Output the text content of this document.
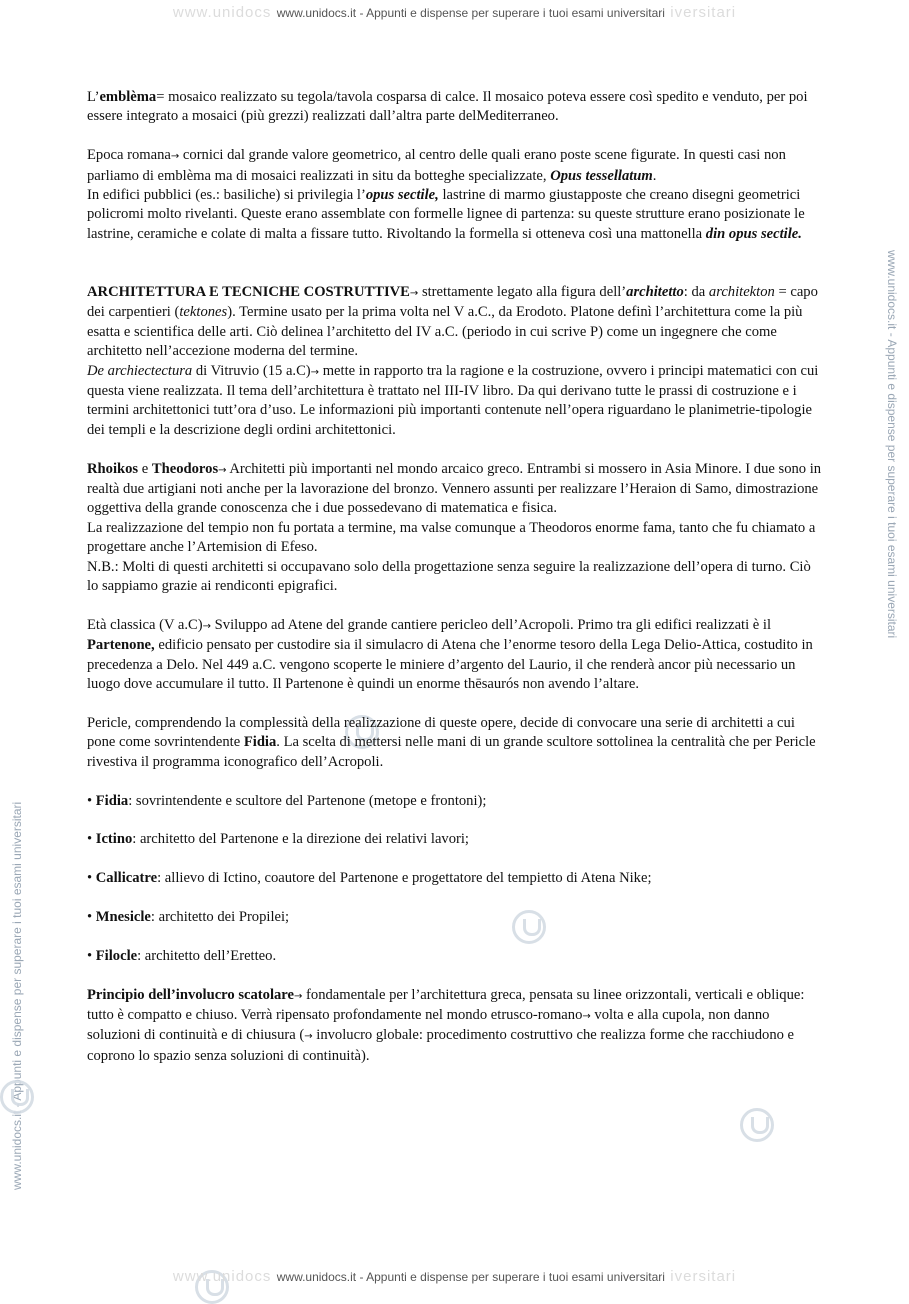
www.unidocs www.unidocs.it - Appunti e dispense per superare i tuoi esami universitari iversitari
www.unidocs.it - Appunti e dispense per superare i tuoi esami universitari
www.unidocs.it - Appunti e dispense per superare i tuoi esami universitari

L’emblèma= mosaico realizzato su tegola/tavola cosparsa di calce. Il mosaico poteva essere così spedito e venduto, per poi essere integrato a mosaici (più grezzi) realizzati dall’altra parte delMediterraneo.

Epoca romana→ cornici dal grande valore geometrico, al centro delle quali erano poste scene figurate. In questi casi non parliamo di emblèma ma di mosaici realizzati in situ da botteghe specializzate, Opus tessellatum.

In edifici pubblici (es.: basiliche) si privilegia l’opus sectile, lastrine di marmo giustapposte che creano disegni geometrici policromi molto rivelanti. Queste erano assemblate con formelle lignee di partenza: su queste strutture erano posizionate le lastrine, ceramiche e colate di malta a fissare tutto. Rivoltando la formella si otteneva così una mattonella din opus sectile.

ARCHITETTURA E TECNICHE COSTRUTTIVE→ strettamente legato alla figura dell’architetto: da architekton = capo dei carpentieri (tektones). Termine usato per la prima volta nel V a.C., da Erodoto. Platone definì l’architettura come la più esatta e scientifica delle arti. Ciò delinea l’architetto del IV a.C. (periodo in cui scrive P) come un ingegnere che come architetto nell’accezione moderna del termine.

De archiectectura di Vitruvio (15 a.C)→ mette in rapporto tra la ragione e la costruzione, ovvero i principi matematici con cui questa viene realizzata. Il tema dell’architettura è trattato nel III-IV libro. Da qui derivano tutte le prassi di costruzione e i termini architettonici tutt’ora d’uso. Le informazioni più importanti contenute nell’opera riguardano le planimetrie-tipologie dei templi e la descrizione degli ordini architettonici.

Rhoikos e Theodoros→ Architetti più importanti nel mondo arcaico greco. Entrambi si mossero in Asia Minore. I due sono in realtà due artigiani noti anche per la lavorazione del bronzo. Vennero assunti per realizzare l’Heraion di Samo, dimostrazione oggettiva della grande conoscenza che i due possedevano di matematica e fisica.

La realizzazione del tempio non fu portata a termine, ma valse comunque a Theodoros enorme fama, tanto che fu chiamato a progettare anche l’Artemision di Efeso.

N.B.: Molti di questi architetti si occupavano solo della progettazione senza seguire la realizzazione dell’opera di turno. Ciò lo sappiamo grazie ai rendiconti epigrafici.

Età classica (V a.C)→ Sviluppo ad Atene del grande cantiere pericleo dell’Acropoli. Primo tra gli edifici realizzati è il Partenone, edificio pensato per custodire sia il simulacro di Atena che l’enorme tesoro della Lega Delio-Attica, costudito in precedenza a Delo. Nel 449 a.C. vengono scoperte le miniere d’argento del Laurio, il che renderà ancor più necessario un luogo dove accumulare il tutto. Il Partenone è quindi un enorme thēsaurós non avendo l’altare.

Pericle, comprendendo la complessità della realizzazione di queste opere, decide di convocare una serie di architetti a cui pone come sovrintendente Fidia. La scelta di mettersi nelle mani di un grande scultore sottolinea la centralità che per Pericle rivestiva il programma iconografico dell’Acropoli.

• Fidia: sovrintendente e scultore del Partenone (metope e frontoni);

• Ictino: architetto del Partenone e la direzione dei relativi lavori;

• Callicatre: allievo di Ictino, coautore del Partenone e progettatore del tempietto di Atena Nike;

• Mnesicle: architetto dei Propilei;

• Filocle: architetto dell’Eretteo.

Principio dell’involucro scatolare→ fondamentale per l’architettura greca, pensata su linee orizzontali, verticali e oblique: tutto è compatto e chiuso. Verrà ripensato profondamente nel mondo etrusco-romano→ volta e alla cupola, non danno soluzioni di continuità e di chiusura (→ involucro globale: procedimento costruttivo che realizza forme che racchiudono e coprono lo spazio senza soluzioni di continuità).

www.unidocs www.unidocs.it - Appunti e dispense per superare i tuoi esami universitari iversitari
